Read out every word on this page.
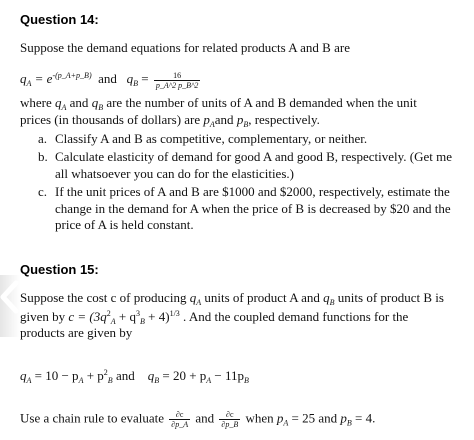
Question 14:
Suppose the demand equations for related products A and B are
$q_A = e^{-(p\_A+p\_B)}$ and $q_B = \frac{16}{p\_A\^{}2 p\_B\^{}2}$
where $q_A$ and $q_B$ are the number of units of A and B demanded when the unit
prices (in thousands of dollars) are $p_Aand$ $p_B$, respectively.
a. Classify A and B as competitive, complementary, or neither.
b. Calculate elasticity of demand for good A and good B, respectively. (Get me all whatsoever you can do for the elasticities.)
c. If the unit prices of A and B are $1000 and $2000, respectively, estimate the change in the demand for A when the price of B is decreased by $20 and the price of A is held constant.
Question 15:
Suppose the cost c of producing $q_A$ units of product A and $q_B$ units of product B is
given by $c = (3q^2_A + q^3_B + 4)^{1/3}$ . And the coupled demand functions for the
products are given by
$q_A = 10 - p_A + p^2_B$ and $q_B = 20 + p_A - 11p_B$
Use a chain rule to evaluate $\frac{\partial c}{\partial p\_A}$ and $\frac{\partial c}{\partial p\_B}$ when $p_A = 25$ and $p_B = 4$.
